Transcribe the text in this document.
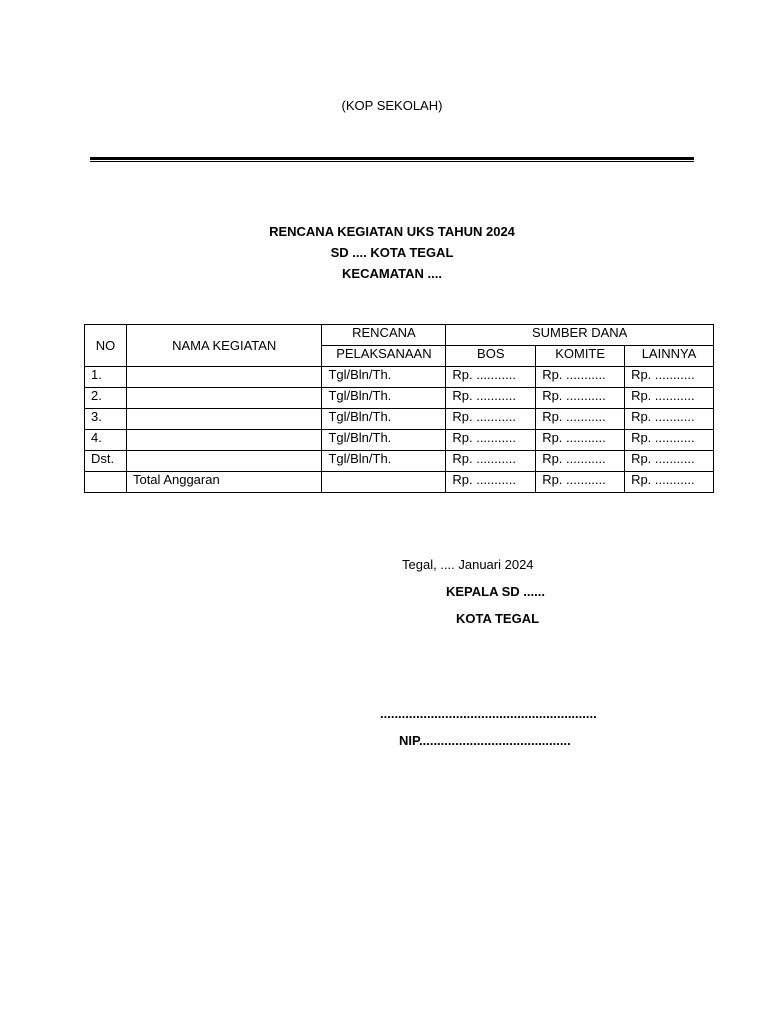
(KOP SEKOLAH)
RENCANA KEGIATAN UKS TAHUN 2024
SD .... KOTA TEGAL
KECAMATAN ....
NO	NAMA KEGIATAN	RENCANA	SUMBER DANA		
		PELAKSANAAN	BOS	KOMITE	LAINNYA
1.		Tgl/Bln/Th.	Rp. ...........	Rp. ...........	Rp. ...........
2.		Tgl/Bln/Th.	Rp. ...........	Rp. ...........	Rp. ...........
3.		Tgl/Bln/Th.	Rp. ...........	Rp. ...........	Rp. ...........
4.		Tgl/Bln/Th.	Rp. ...........	Rp. ...........	Rp. ...........
Dst.		Tgl/Bln/Th.	Rp. ...........	Rp. ...........	Rp. ...........
	Total Anggaran		Rp. ...........	Rp. ...........	Rp. ...........
Tegal, .... Januari 2024
KEPALA SD ......
KOTA TEGAL
............................................................
NIP..........................................
